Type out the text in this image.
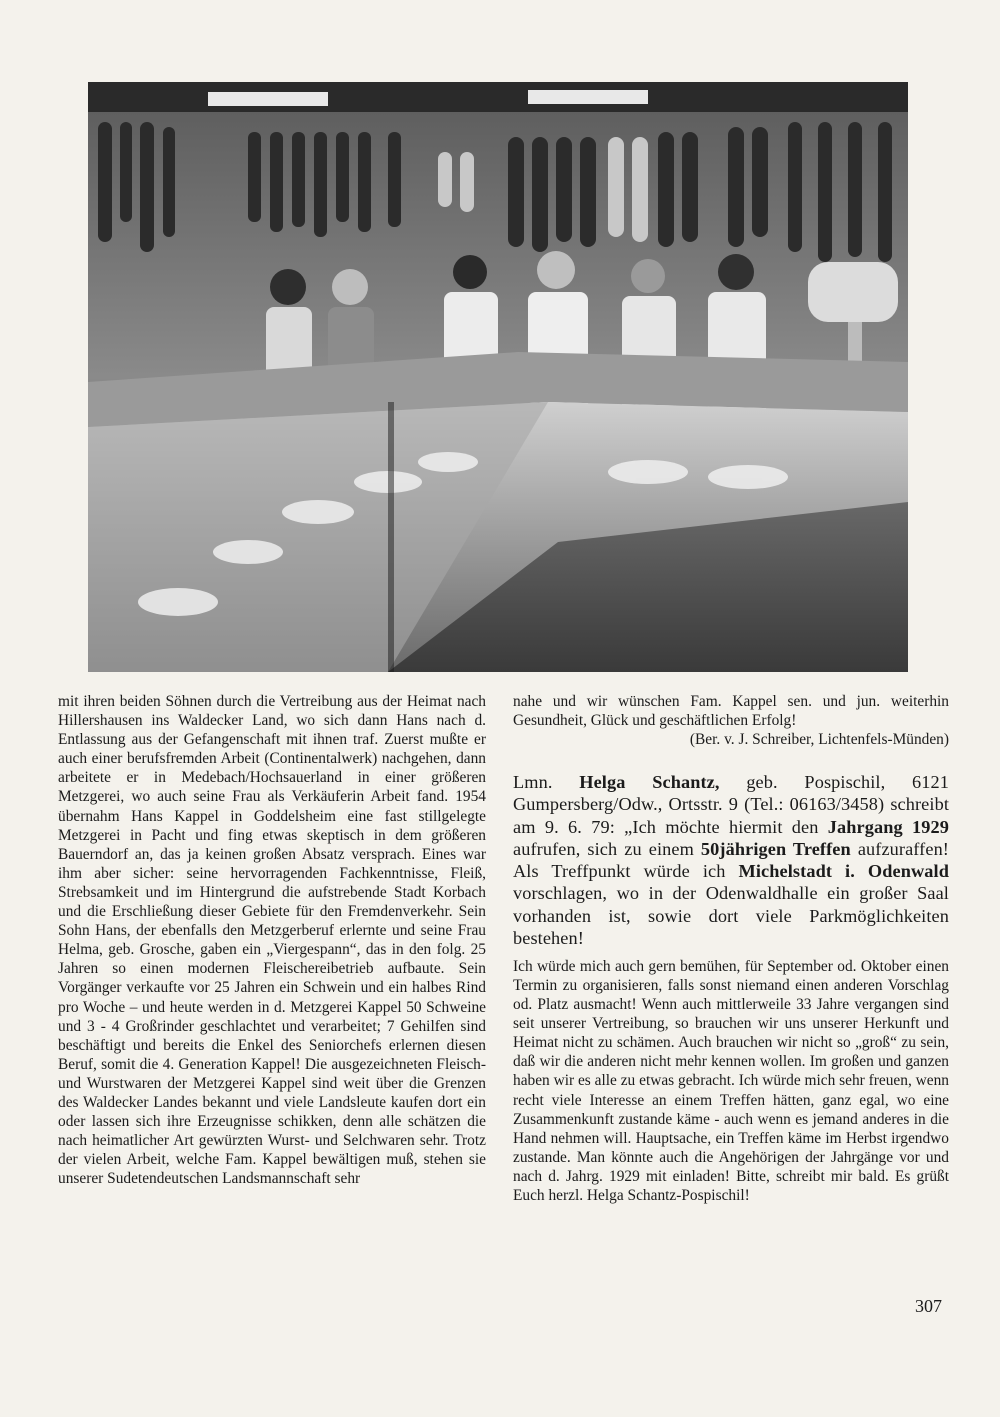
mit ihren beiden Söhnen durch die Vertreibung aus der Heimat nach Hillershausen ins Waldecker Land, wo sich dann Hans nach d. Entlassung aus der Gefangenschaft mit ihnen traf. Zuerst mußte er auch einer berufsfremden Arbeit (Continentalwerk) nachgehen, dann arbeitete er in Medebach/Hochsauerland in einer größeren Metzgerei, wo auch seine Frau als Verkäuferin Arbeit fand. 1954 übernahm Hans Kappel in Goddelsheim eine fast stillgelegte Metzgerei in Pacht und fing etwas skeptisch in dem größeren Bauerndorf an, das ja keinen großen Absatz versprach. Eines war ihm aber sicher: seine hervorragenden Fachkenntnisse, Fleiß, Strebsamkeit und im Hintergrund die aufstrebende Stadt Korbach und die Erschließung dieser Gebiete für den Fremdenverkehr. Sein Sohn Hans, der ebenfalls den Metzgerberuf erlernte und seine Frau Helma, geb. Grosche, gaben ein „Viergespann“, das in den folg. 25 Jahren so einen modernen Fleischereibetrieb aufbaute. Sein Vorgänger verkaufte vor 25 Jahren ein Schwein und ein halbes Rind pro Woche – und heute werden in d. Metzgerei Kappel 50 Schweine und 3 - 4 Großrinder geschlachtet und verarbeitet; 7 Gehilfen sind beschäftigt und bereits die Enkel des Seniorchefs erlernen diesen Beruf, somit die 4. Generation Kappel! Die ausgezeichneten Fleisch- und Wurstwaren der Metzgerei Kappel sind weit über die Grenzen des Waldecker Landes bekannt und viele Landsleute kaufen dort ein oder lassen sich ihre Erzeugnisse schikken, denn alle schätzen die nach heimatlicher Art gewürzten Wurst- und Selchwaren sehr. Trotz der vielen Arbeit, welche Fam. Kappel bewältigen muß, stehen sie unserer Sudetendeutschen Landsmannschaft sehr

nahe und wir wünschen Fam. Kappel sen. und jun. weiterhin Gesundheit, Glück und geschäftlichen Erfolg!

(Ber. v. J. Schreiber, Lichtenfels-Münden)

Lmn. Helga Schantz, geb. Pospischil, 6121 Gumpersberg/Odw., Ortsstr. 9 (Tel.: 06163/3458) schreibt am 9. 6. 79: „Ich möchte hiermit den Jahrgang 1929 aufrufen, sich zu einem 50jährigen Treffen aufzuraffen! Als Treffpunkt würde ich Michelstadt i. Odenwald vorschlagen, wo in der Odenwaldhalle ein großer Saal vorhanden ist, sowie dort viele Parkmöglichkeiten bestehen!

Ich würde mich auch gern bemühen, für September od. Oktober einen Termin zu organisieren, falls sonst niemand einen anderen Vorschlag od. Platz ausmacht! Wenn auch mittlerweile 33 Jahre vergangen sind seit unserer Vertreibung, so brauchen wir uns unserer Herkunft und Heimat nicht zu schämen. Auch brauchen wir nicht so „groß“ zu sein, daß wir die anderen nicht mehr kennen wollen. Im großen und ganzen haben wir es alle zu etwas gebracht. Ich würde mich sehr freuen, wenn recht viele Interesse an einem Treffen hätten, ganz egal, wo eine Zusammenkunft zustande käme - auch wenn es jemand anderes in die Hand nehmen will. Hauptsache, ein Treffen käme im Herbst irgendwo zustande. Man könnte auch die Angehörigen der Jahrgänge vor und nach d. Jahrg. 1929 mit einladen! Bitte, schreibt mir bald. Es grüßt Euch herzl. Helga Schantz-Pospischil!

307
